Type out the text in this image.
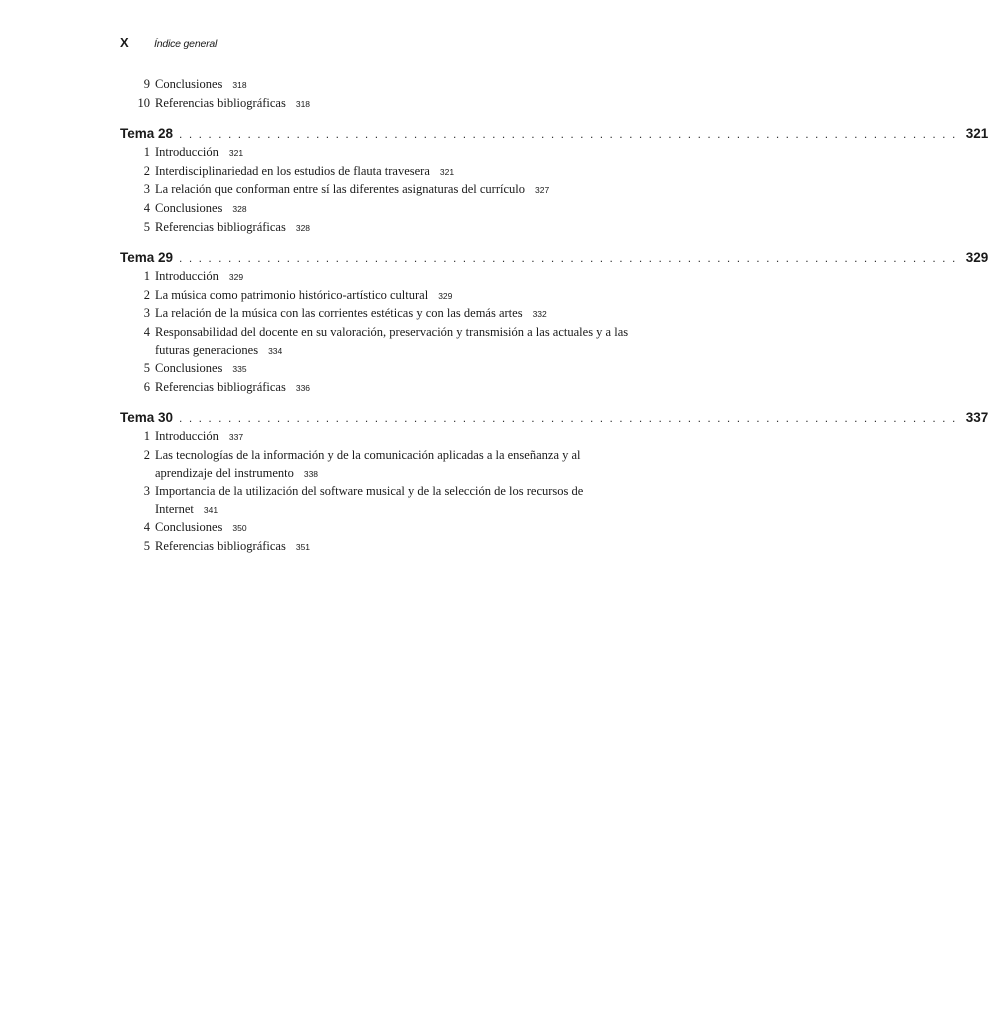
X	Índice general
9 Conclusiones 318
10 Referencias bibliográficas 318
Tema 28 ................................................................................ 321
1 Introducción 321
2 Interdisciplinariedad en los estudios de flauta travesera 321
3 La relación que conforman entre sí las diferentes asignaturas del currículo 327
4 Conclusiones 328
5 Referencias bibliográficas 328
Tema 29 ................................................................................ 329
1 Introducción 329
2 La música como patrimonio histórico-artístico cultural 329
3 La relación de la música con las corrientes estéticas y con las demás artes 332
4 Responsabilidad del docente en su valoración, preservación y transmisión a las actuales y a las futuras generaciones 334
5 Conclusiones 335
6 Referencias bibliográficas 336
Tema 30 ................................................................................ 337
1 Introducción 337
2 Las tecnologías de la información y de la comunicación aplicadas a la enseñanza y al aprendizaje del instrumento 338
3 Importancia de la utilización del software musical y de la selección de los recursos de Internet 341
4 Conclusiones 350
5 Referencias bibliográficas 351
